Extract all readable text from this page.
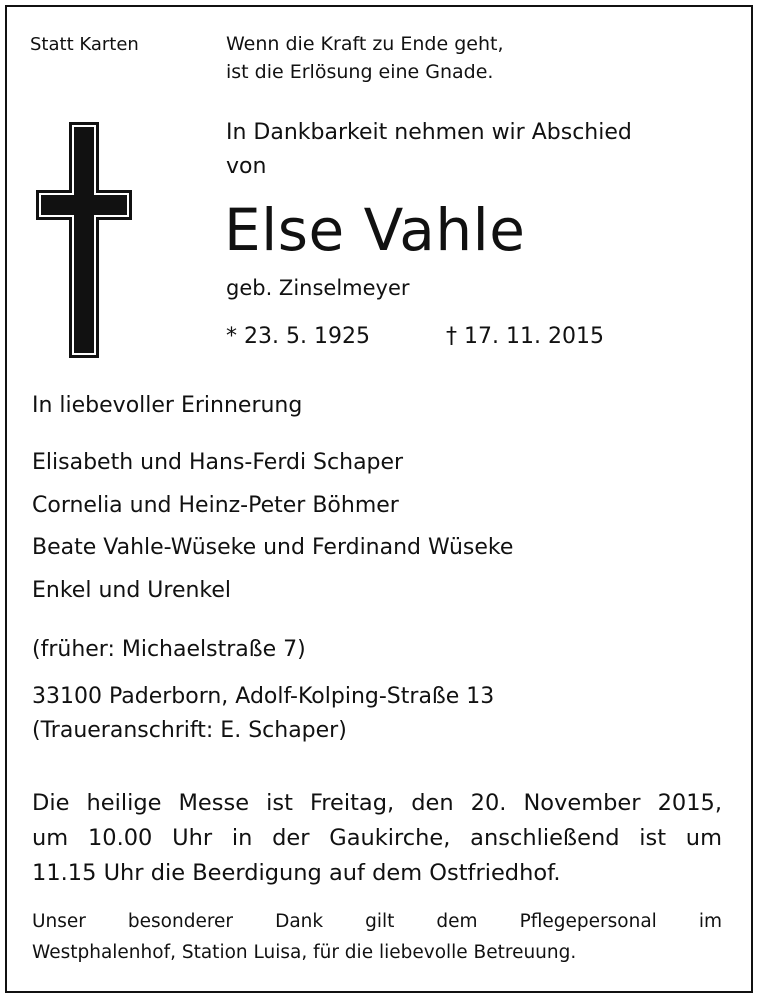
Statt Karten	Wenn die Kraft zu Ende geht,
ist die Erlösung eine Gnade.
In Dankbarkeit nehmen wir Abschied
von
Else Vahle
geb. Zinselmeyer
* 23. 5. 1925	† 17. 11. 2015
In liebevoller Erinnerung
Elisabeth und Hans-Ferdi Schaper
Cornelia und Heinz-Peter Böhmer
Beate Vahle-Wüseke und Ferdinand Wüseke
Enkel und Urenkel
(früher: Michaelstraße 7)
33100 Paderborn, Adolf-Kolping-Straße 13
(Traueranschrift: E. Schaper)
Die heilige Messe ist Freitag, den 20. November 2015,
um 10.00 Uhr in der Gaukirche, anschließend ist um
11.15 Uhr die Beerdigung auf dem Ostfriedhof.
Unser besonderer Dank gilt dem Pflegepersonal im
Westphalenhof, Station Luisa, für die liebevolle Betreuung.
